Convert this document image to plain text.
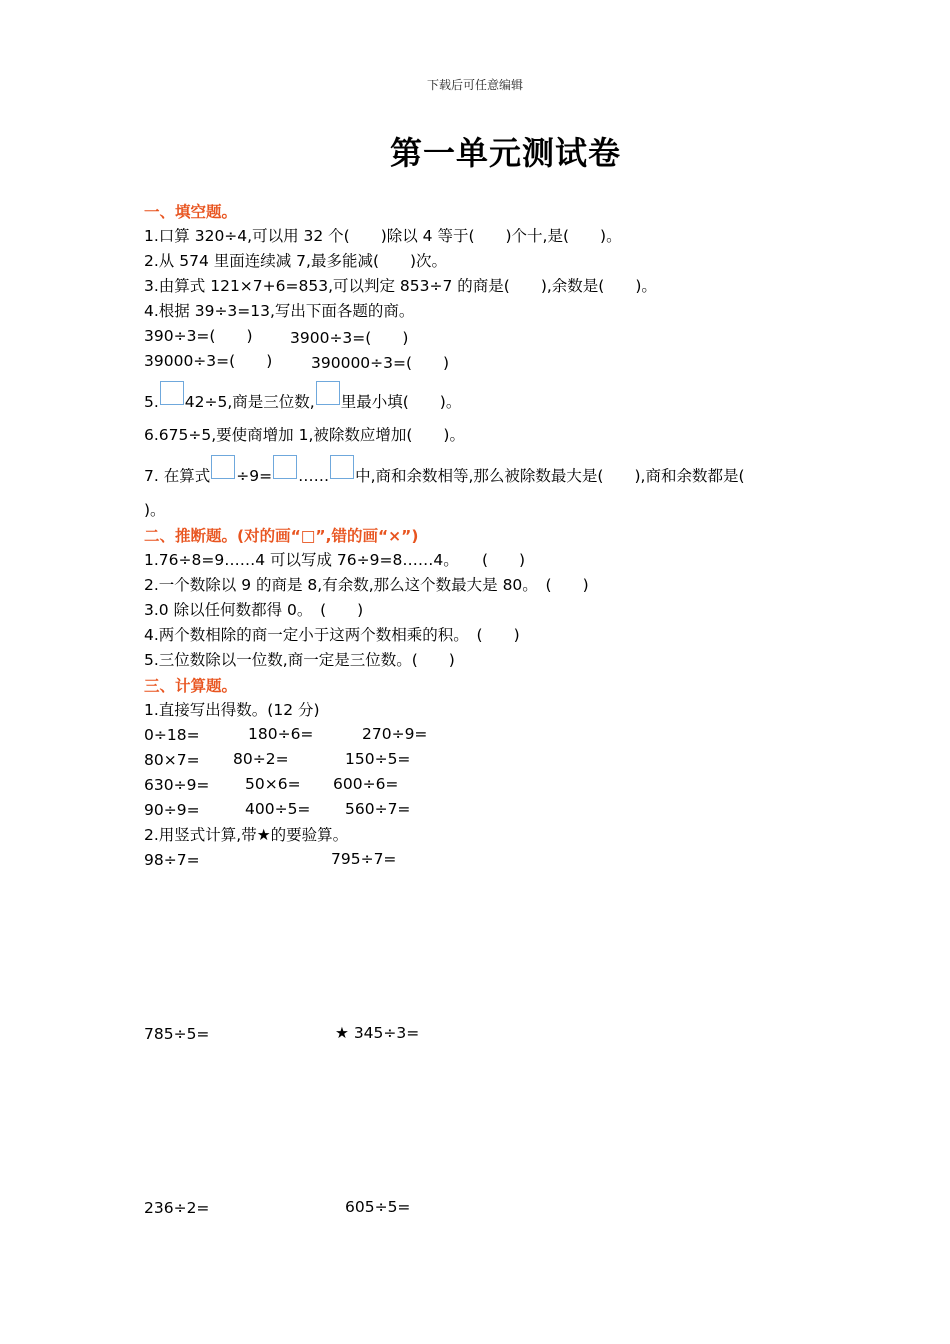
下载后可任意编辑
第一单元测试卷
一、填空题。
1.口算 320÷4,可以用 32 个(　　)除以 4 等于(　　)个十,是(　　)。
2.从 574 里面连续减 7,最多能减(　　)次。
3.由算式 121×7+6=853,可以判定 853÷7 的商是(　　),余数是(　　)。
4.根据 39÷3=13,写出下面各题的商。
390÷3=(　　) 3900÷3=(　　)
39000÷3=(　　)	390000÷3=(　　)
5. 42÷5,商是三位数, 里最小填(　　)。
6.675÷5,要使商增加 1,被除数应增加(　　)。
7. 在算式 ÷9= …… 中,商和余数相等,那么被除数最大是(　　),商和余数都是(
)。
二、推断题。(对的画“□”,错的画“×”)
1.76÷8=9……4 可以写成 76÷9=8……4。　　(　　)
2.一个数除以 9 的商是 8,有余数,那么这个数最大是 80。　(　　)
3.0 除以任何数都得 0。　(　　)
4.两个数相除的商一定小于这两个数相乘的积。　(　　)
5.三位数除以一位数,商一定是三位数。(　　)
三、计算题。
1.直接写出得数。(12 分)
0÷18=	180÷6=	270÷9=
80×7= 80÷2=	150÷5=
630÷9= 50×6= 600÷6=
90÷9=	400÷5= 560÷7=
2.用竖式计算,带★的要验算。
98÷7=	795÷7=
785÷5=	★ 345÷3=
236÷2=	605÷5=
